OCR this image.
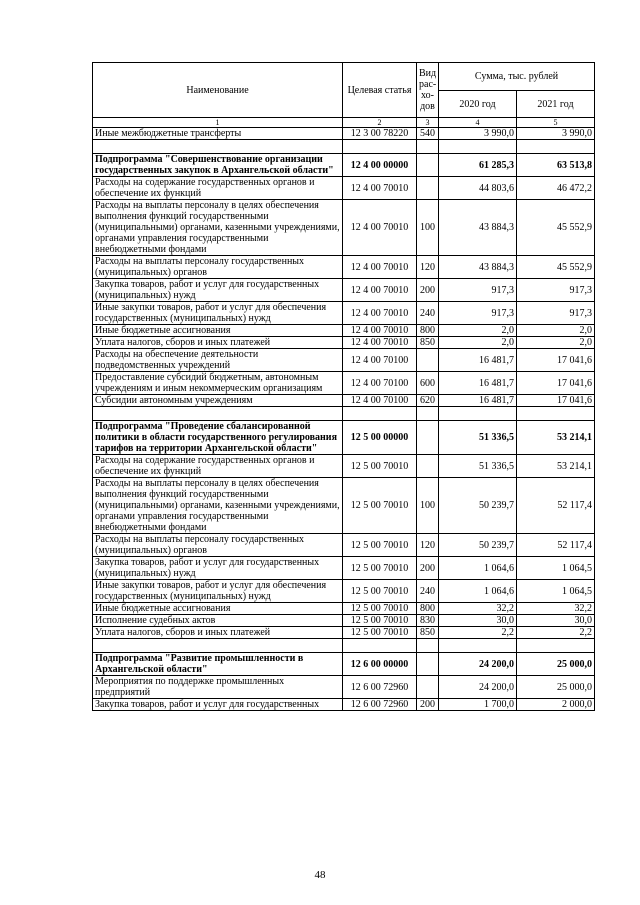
Наименование	Целевая статья	Вид
рас-
хо-
дов	Сумма, тыс. рублей	
			2020 год	2021 год
1	2	3	4	5
Иные межбюджетные трансферты	12 3 00 78220	540	3 990,0	3 990,0

Подпрограмма "Совершенствование организации государственных закупок в Архангельской области"	12 4 00 00000		61 285,3	63 513,8
Расходы на содержание государственных органов и обеспечение их функций	12 4 00 70010		44 803,6	46 472,2
Расходы на выплаты персоналу в целях обеспечения выполнения функций государственными (муниципальными) органами, казенными учреждениями, органами управления государственными внебюджетными фондами	12 4 00 70010	100	43 884,3	45 552,9
Расходы на выплаты персоналу государственных (муниципальных) органов	12 4 00 70010	120	43 884,3	45 552,9
Закупка товаров, работ и услуг для государственных (муниципальных) нужд	12 4 00 70010	200	917,3	917,3
Иные закупки товаров, работ и услуг для обеспечения государственных (муниципальных) нужд	12 4 00 70010	240	917,3	917,3
Иные бюджетные ассигнования	12 4 00 70010	800	2,0	2,0
Уплата налогов, сборов и иных платежей	12 4 00 70010	850	2,0	2,0
Расходы на обеспечение деятельности подведомственных учреждений	12 4 00 70100		16 481,7	17 041,6
Предоставление субсидий бюджетным, автономным учреждениям и иным некоммерческим организациям	12 4 00 70100	600	16 481,7	17 041,6
Субсидии автономным учреждениям	12 4 00 70100	620	16 481,7	17 041,6

Подпрограмма "Проведение сбалансированной политики в области государственного регулирования тарифов на территории Архангельской области"	12 5 00 00000		51 336,5	53 214,1
Расходы на содержание государственных органов и обеспечение их функций	12 5 00 70010		51 336,5	53 214,1
Расходы на выплаты персоналу в целях обеспечения выполнения функций государственными (муниципальными) органами, казенными учреждениями, органами управления государственными внебюджетными фондами	12 5 00 70010	100	50 239,7	52 117,4
Расходы на выплаты персоналу государственных (муниципальных) органов	12 5 00 70010	120	50 239,7	52 117,4
Закупка товаров, работ и услуг для государственных (муниципальных) нужд	12 5 00 70010	200	1 064,6	1 064,5
Иные закупки товаров, работ и услуг для обеспечения государственных (муниципальных) нужд	12 5 00 70010	240	1 064,6	1 064,5
Иные бюджетные ассигнования	12 5 00 70010	800	32,2	32,2
Исполнение судебных актов	12 5 00 70010	830	30,0	30,0
Уплата налогов, сборов и иных платежей	12 5 00 70010	850	2,2	2,2

Подпрограмма "Развитие промышленности в Архангельской области"	12 6 00 00000		24 200,0	25 000,0
Мероприятия по поддержке промышленных предприятий	12 6 00 72960		24 200,0	25 000,0
Закупка товаров, работ и услуг для государственных	12 6 00 72960	200	1 700,0	2 000,0
48
